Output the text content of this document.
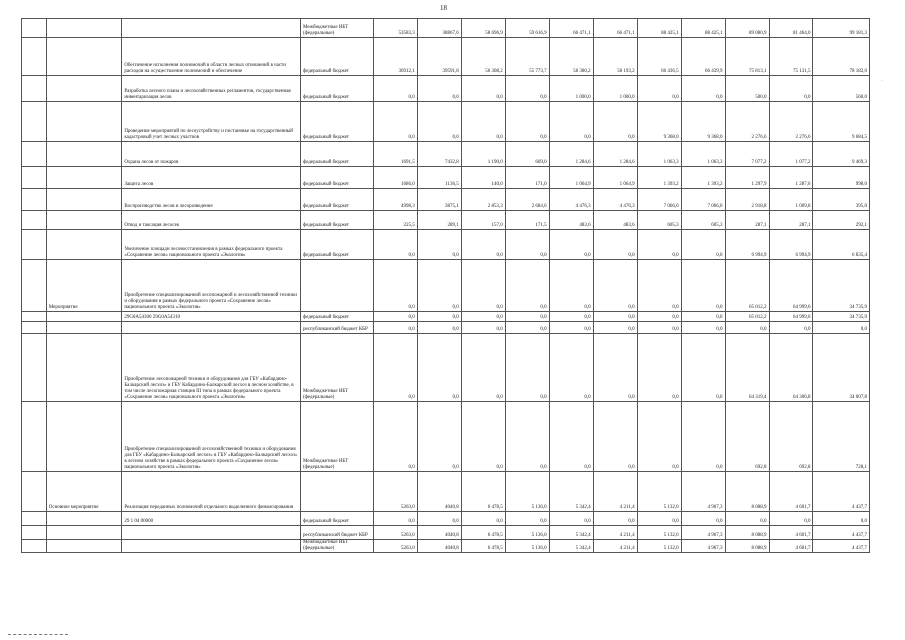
18
·
			Межбюджетные ИБТ (федеральные)	53583,3	38867,6	58 696,9	59 616,9	66 471,1	66 471,1	88 425,1	88 425,1	89 080,9	81 464,0	99 181,3
		Обеспечение исполнения полномочий в области лесных отношений в части расходов на осуществление полномочий и обеспечение	федеральный бюджет	36912,1	39591,8	56 308,2	55 773,7	58 380,2	58 193,2	66 436,5	66 439,9	75 813,1	75 131,5	78 182,0
		Разработка лесного плана и лесохозяйственных регламентов, государственная инвентаризация лесов	федеральный бюджет	0,0	0,0	0,0	0,0	1 000,0	1 000,0	0,0	0,0	500,0	0,0	560,0
		Проведение мероприятий по лесоустройству и постановке на государственный кадастровый учет лесных участков	федеральный бюджет	0,0	0,0	0,0	0,0	0,0	0,0	9 368,0	9 368,0	2 276,6	2 276,6	9 684,5
		Охрана лесов от пожаров	федеральный бюджет	1691,5	7432,8	1 190,0	669,0	1 284,6	1 284,6	1 063,3	1 063,3	7 077,2	1 077,2	9 469,3
		Защита лесов	федеральный бюджет	1686,0	1136,5	140,0	171,0	1 064,9	1 064,9	1 393,2	1 393,2	1 297,9	1 287,6	998,0
		Воспроизводство лесов и лесоразведение	федеральный бюджет	4998,3	3875,1	2 853,3	2 684,6	4 476,3	4 476,3	7 066,0	7 066,0	2 918,8	1 009,8	395,0
		Отвод и таксация лесосек	федеральный бюджет	225,5	289,1	157,0	171,5	483,6	483,6	605,3	605,3	287,1	287,1	292,1
		Увеличение площади лесовосстановления в рамках федерального проекта «Сохранение лесов» национального проекта «Экология»	федеральный бюджет	0,0	0,0	0,0	0,0	0,0	0,0	0,0	0,0	6 994,9	6 994,9	6 835,4
	Мероприятие	Приобретение специализированной лесопожарной и лесохозяйственной техники и оборудования в рамках федерального проекта «Сохранение лесов» национального проекта «Экология»		0,0	0,0	0,0	0,0	0,0	0,0	0,0	0,0	65 012,2	64 999,6	34 735,9
		29G0А54300 29G0А54310	федеральный бюджет	0,0	0,0	0,0	0,0	0,0	0,0	0,0	0,0	65 012,2	64 999,6	34 735,9
			республиканский бюджет КБР	0,0	0,0	0,0	0,0	0,0	0,0	0,0	0,0	0,0	0,0	0,0
		Приобретение лесопожарной техники и оборудования для ГБУ «Кабардино-Балкарский лесхоз» и ГБУ Кабардино-Балкарский лесхоз в лесном хозяйстве, в том числе лесопожарная станция III типа в рамках федерального проекта «Сохранение лесов» национального проекта «Экология»	Межбюджетные ИБТ (федеральные)	0,0	0,0	0,0	0,0	0,0	0,0	0,0	0,0	64 319,4	64 306,8	34 007,8
		Приобретение специализированной лесохозяйственной техники и оборудования для ГБУ «Кабардино-Балкарский лесхоз» в ГБУ «Кабардино-Балкарский лесхоз» в лесном хозяйстве в рамках федерального проекта «Сохранение лесов» национального проекта «Экология»	Межбюджетные ИБТ (федеральные)	0,0	0,0	0,0	0,0	0,0	0,0	0,0	0,0	692,8	692,8	728,1
	Основное мероприятие	Реализация переданных полномочий отдельного выделенного финансирования		5263,0	4040,8	6 478,5	5 136,0	5 342,4	4 211,4	5 132,0	4 967,3	8 088,9	4 601,7	4 437,7
		29 1 04 00000	федеральный бюджет	0,0	0,0	0,0	0,0	0,0	0,0	0,0	0,0	0,0	0,0	0,0
			республиканский бюджет КБР	5263,0	4040,8	6 478,5	5 136,0	5 342,4	4 211,4	5 132,0	4 967,3	8 088,9	4 601,7	4 437,7
			Межбюджетные ИБТ (федеральные)	5263,0	4040,8	6 478,5	5 136,0	5 342,4	4 211,4	5 132,0	4 967,3	8 088,9	4 601,7	4 437,7
